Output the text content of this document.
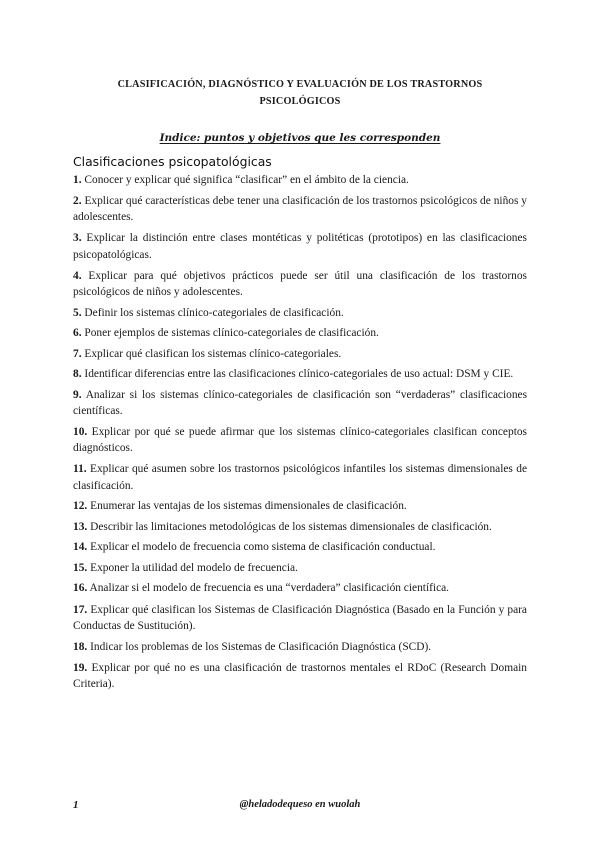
CLASIFICACIÓN, DIAGNÓSTICO Y EVALUACIÓN DE LOS TRASTORNOS
PSICOLÓGICOS
Indice: puntos y objetivos que les corresponden
Clasificaciones psicopatológicas

1. Conocer y explicar qué significa “clasificar” en el ámbito de la ciencia.

2. Explicar qué características debe tener una clasificación de los trastornos psicológicos de niños y adolescentes.

3. Explicar la distinción entre clases montéticas y politéticas (prototipos) en las clasificaciones psicopatológicas.

4. Explicar para qué objetivos prácticos puede ser útil una clasificación de los trastornos psicológicos de niños y adolescentes.

5. Definir los sistemas clínico-categoriales de clasificación.

6. Poner ejemplos de sistemas clínico-categoriales de clasificación.

7. Explicar qué clasifican los sistemas clínico-categoriales.

8. Identificar diferencias entre las clasificaciones clínico-categoriales de uso actual: DSM y CIE.

9. Analizar si los sistemas clínico-categoriales de clasificación son “verdaderas” clasificaciones científicas.

10. Explicar por qué se puede afirmar que los sistemas clínico-categoriales clasifican conceptos diagnósticos.

11. Explicar qué asumen sobre los trastornos psicológicos infantiles los sistemas dimensionales de clasificación.

12. Enumerar las ventajas de los sistemas dimensionales de clasificación.

13. Describir las limitaciones metodológicas de los sistemas dimensionales de clasificación.

14. Explicar el modelo de frecuencia como sistema de clasificación conductual.

15. Exponer la utilidad del modelo de frecuencia.

16. Analizar si el modelo de frecuencia es una “verdadera” clasificación científica.

17. Explicar qué clasifican los Sistemas de Clasificación Diagnóstica (Basado en la Función y para Conductas de Sustitución).

18. Indicar los problemas de los Sistemas de Clasificación Diagnóstica (SCD).

19. Explicar por qué no es una clasificación de trastornos mentales el RDoC (Research Domain Criteria).

1	@heladodequeso en wuolah
